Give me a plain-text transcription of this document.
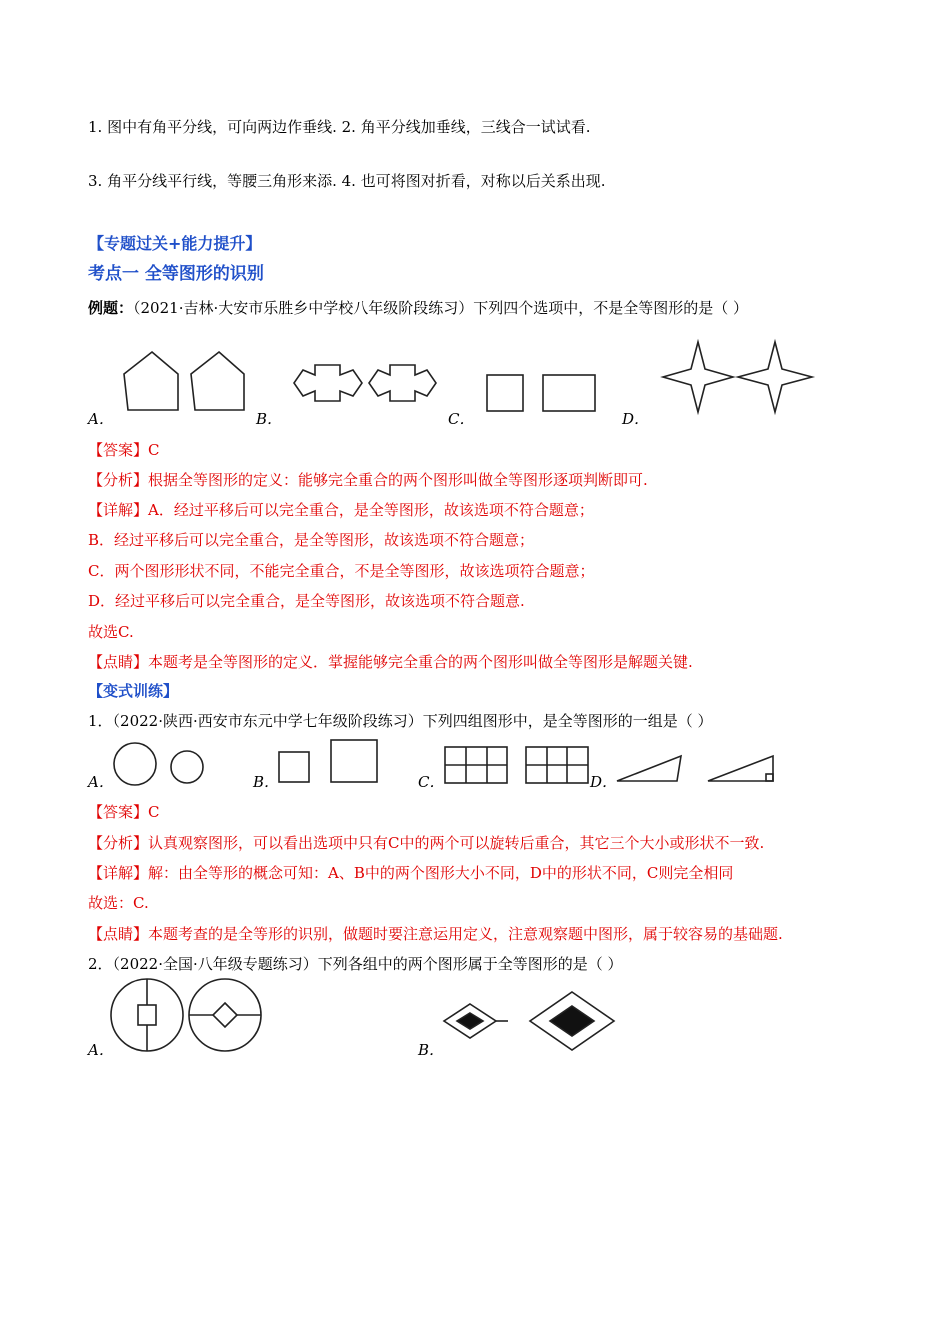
1. 图中有角平分线，可向两边作垂线. 2. 角平分线加垂线，三线合一试试看.
3. 角平分线平行线，等腰三角形来添. 4. 也可将图对折看，对称以后关系出现.
【专题过关+能力提升】
考点一 全等图形的识别
例题：（2021·吉林·大安市乐胜乡中学校八年级阶段练习）下列四个选项中，不是全等图形的是（ ）
A．	B．	C．	D．
【答案】C
【分析】根据全等图形的定义：能够完全重合的两个图形叫做全等图形逐项判断即可.
【详解】A．经过平移后可以完全重合，是全等图形，故该选项不符合题意；
B．经过平移后可以完全重合，是全等图形，故该选项不符合题意；
C．两个图形形状不同，不能完全重合，不是全等图形，故该选项符合题意；
D．经过平移后可以完全重合，是全等图形，故该选项不符合题意.
故选C.
【点睛】本题考是全等图形的定义．掌握能够完全重合的两个图形叫做全等图形是解题关键.
【变式训练】
1．（2022·陕西·西安市东元中学七年级阶段练习）下列四组图形中，是全等图形的一组是（ ）
A．	B．	C．	D．
【答案】C
【分析】认真观察图形，可以看出选项中只有C中的两个可以旋转后重合，其它三个大小或形状不一致.
【详解】解：由全等形的概念可知：A、B中的两个图形大小不同，D中的形状不同，C则完全相同
故选：C.
【点睛】本题考查的是全等形的识别，做题时要注意运用定义，注意观察题中图形，属于较容易的基础题.
2．（2022·全国·八年级专题练习）下列各组中的两个图形属于全等图形的是（ ）
A．	B．
